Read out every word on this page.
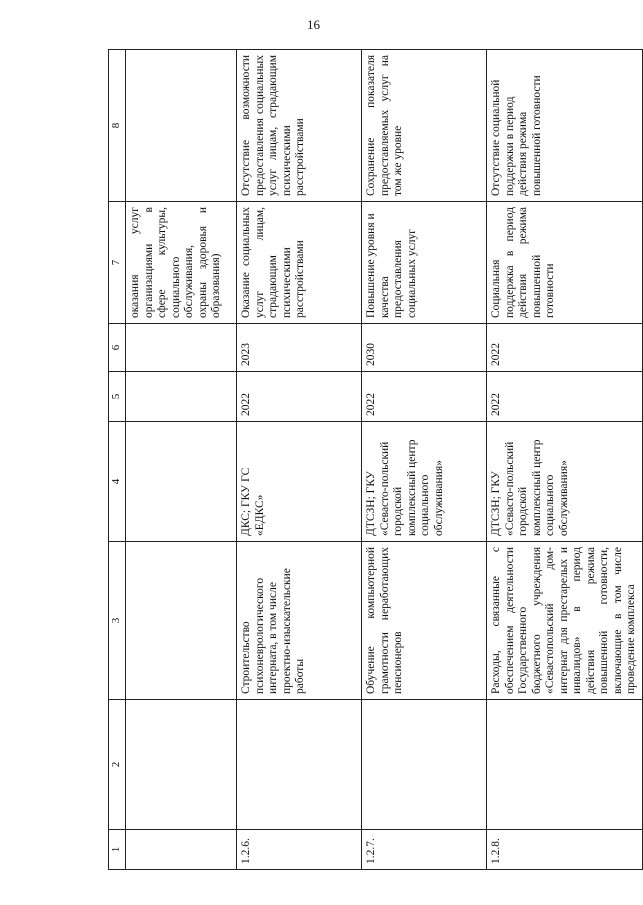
16
1	2	3	4	5	6	7	8
						оказания услуг организациями в сфере культуры, социального обслуживания, охраны здоровья и образования)	
1.2.6.		Строительство психоневрологического интерната, в том числе проектно-изыскательские работы	ДКС; ГКУ ГС «ЕДКС»	2022	2023	Оказание социальных услуг лицам, страдающим психическими расстройствами	Отсутствие возможности предоставления социальных услуг лицам, страдающим психическими расстройствами
1.2.7.		Обучение компьютерной грамотности неработающих пенсионеров	ДТСЗН; ГКУ «Севасто-польский городской комплексный центр социального обслуживания»	2022	2030	Повышение уровня и качества предоставления социальных услуг	Сохранение показателя предоставляемых услуг на том же уровне
1.2.8.		Расходы, связанные с обеспечением деятельности Государственного бюджетного учреждения «Севастопольский дом-интернат для престарелых и инвалидов» в период действия режима повышенной готовности, включающие в том числе проведение комплекса	ДТСЗН; ГКУ «Севасто-польский городской комплексный центр социального обслуживания»	2022	2022	Социальная поддержка в период действия режима повышенной готовности	Отсутствие социальной поддержки в период действия режима повышенной готовности
